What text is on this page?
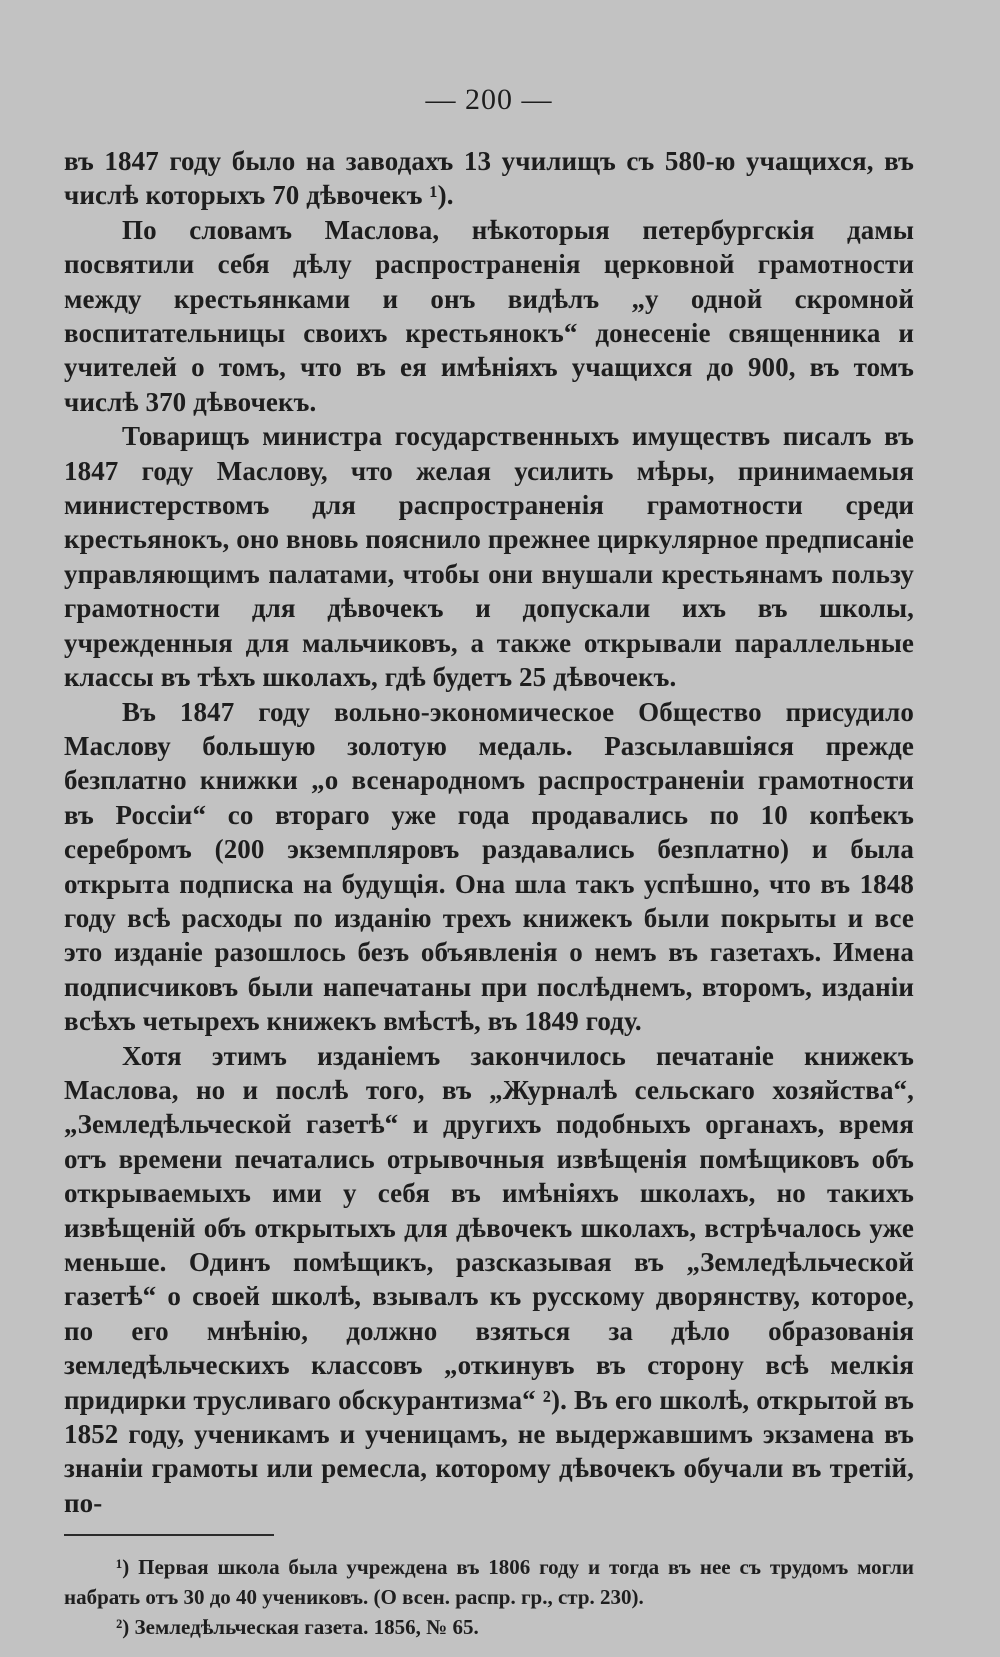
— 200 —

въ 1847 году было на заводахъ 13 училищъ съ 580-ю учащихся, въ числѣ которыхъ 70 дѣвочекъ ¹).

По словамъ Маслова, нѣкоторыя петербургскія дамы посвятили себя дѣлу распространенія церковной грамотности между крестьянками и онъ видѣлъ „у одной скромной воспитательницы своихъ крестьянокъ“ донесеніе священника и учителей о томъ, что въ ея имѣніяхъ учащихся до 900, въ томъ числѣ 370 дѣвочекъ.

Товарищъ министра государственныхъ имуществъ писалъ въ 1847 году Маслову, что желая усилить мѣры, принимаемыя министерствомъ для распространенія грамотности среди крестьянокъ, оно вновь пояснило прежнее циркулярное предписаніе управляющимъ палатами, чтобы они внушали крестьянамъ пользу грамотности для дѣвочекъ и допускали ихъ въ школы, учрежденныя для мальчиковъ, а также открывали параллельные классы въ тѣхъ школахъ, гдѣ будетъ 25 дѣвочекъ.

Въ 1847 году вольно-экономическое Общество присудило Маслову большую золотую медаль. Разсылавшіяся прежде безплатно книжки „о всенародномъ распространеніи грамотности въ Россіи“ со втораго уже года продавались по 10 копѣекъ серебромъ (200 экземпляровъ раздавались безплатно) и была открыта подписка на будущія. Она шла такъ успѣшно, что въ 1848 году всѣ расходы по изданію трехъ книжекъ были покрыты и все это изданіе разошлось безъ объявленія о немъ въ газетахъ. Имена подписчиковъ были напечатаны при послѣднемъ, второмъ, изданіи всѣхъ четырехъ книжекъ вмѣстѣ, въ 1849 году.

Хотя этимъ изданіемъ закончилось печатаніе книжекъ Маслова, но и послѣ того, въ „Журналѣ сельскаго хозяйства“, „Земледѣльческой газетѣ“ и другихъ подобныхъ органахъ, время отъ времени печатались отрывочныя извѣщенія помѣщиковъ объ открываемыхъ ими у себя въ имѣніяхъ школахъ, но такихъ извѣщеній объ открытыхъ для дѣвочекъ школахъ, встрѣчалось уже меньше. Одинъ помѣщикъ, разсказывая въ „Земледѣльческой газетѣ“ о своей школѣ, взывалъ къ русскому дворянству, которое, по его мнѣнію, должно взяться за дѣло образованія земледѣльческихъ классовъ „откинувъ въ сторону всѣ мелкія придирки трусливаго обскурантизма“ ²). Въ его школѣ, открытой въ 1852 году, ученикамъ и ученицамъ, не выдержавшимъ экзамена въ знаніи грамоты или ремесла, которому дѣвочекъ обучали въ третій, по-

¹) Первая школа была учреждена въ 1806 году и тогда въ нее съ трудомъ могли набрать отъ 30 до 40 учениковъ. (О всен. распр. гр., стр. 230).

²) Земледѣльческая газета. 1856, № 65.
